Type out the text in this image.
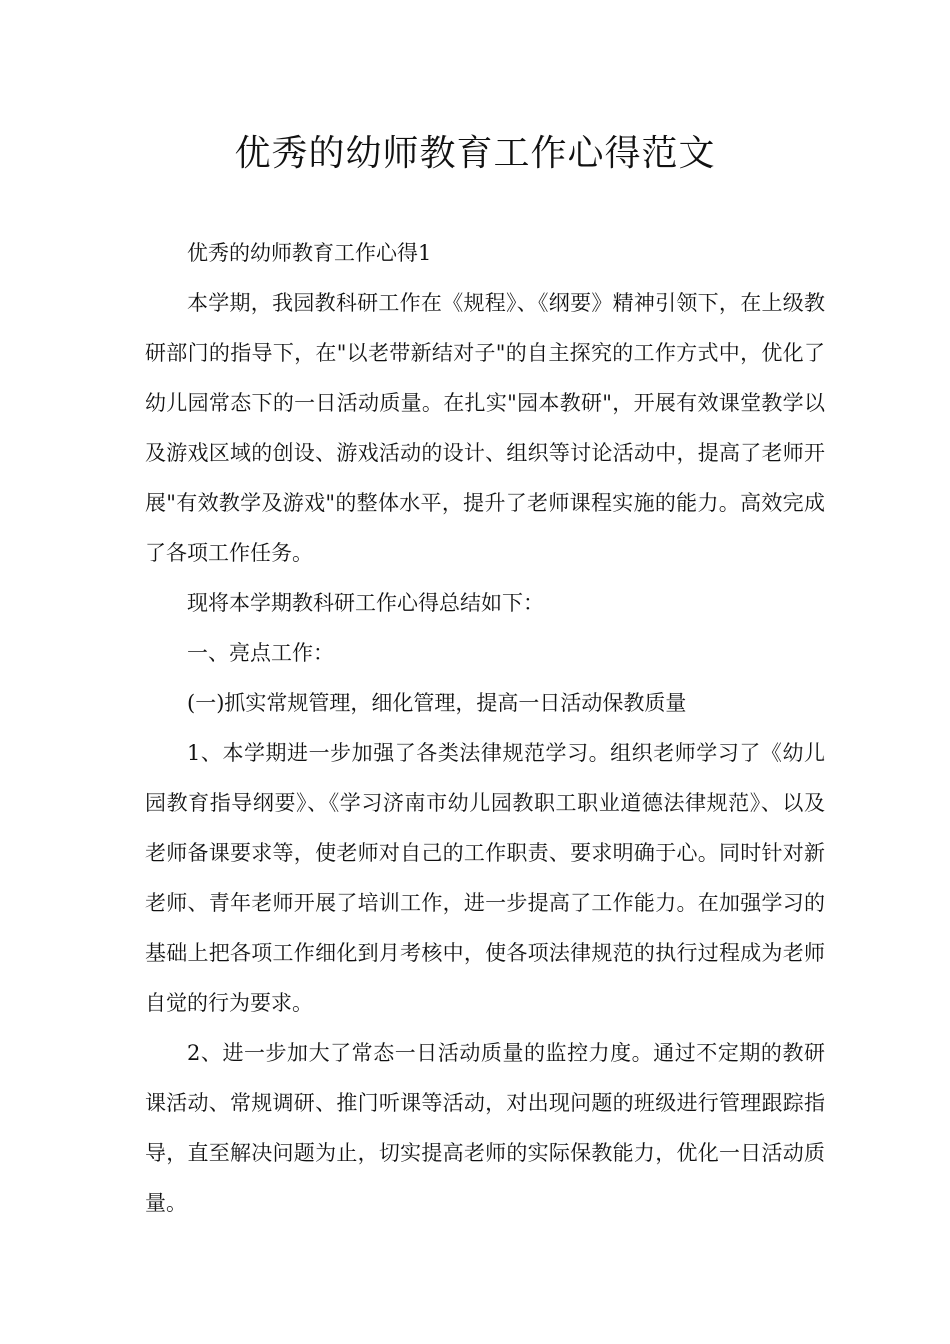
优秀的幼师教育工作心得范文

优秀的幼师教育工作心得1

本学期，我园教科研工作在《规程》、《纲要》精神引领下，在上级教研部门的指导下，在"以老带新结对子"的自主探究的工作方式中，优化了幼儿园常态下的一日活动质量。在扎实"园本教研"，开展有效课堂教学以及游戏区域的创设、游戏活动的设计、组织等讨论活动中，提高了老师开展"有效教学及游戏"的整体水平，提升了老师课程实施的能力。高效完成了各项工作任务。

现将本学期教科研工作心得总结如下：

一、亮点工作：

(一)抓实常规管理，细化管理，提高一日活动保教质量

1、本学期进一步加强了各类法律规范学习。组织老师学习了《幼儿园教育指导纲要》、《学习济南市幼儿园教职工职业道德法律规范》、以及老师备课要求等，使老师对自己的工作职责、要求明确于心。同时针对新老师、青年老师开展了培训工作，进一步提高了工作能力。在加强学习的基础上把各项工作细化到月考核中，使各项法律规范的执行过程成为老师自觉的行为要求。

2、进一步加大了常态一日活动质量的监控力度。通过不定期的教研课活动、常规调研、推门听课等活动，对出现问题的班级进行管理跟踪指导，直至解决问题为止，切实提高老师的实际保教能力，优化一日活动质量。
